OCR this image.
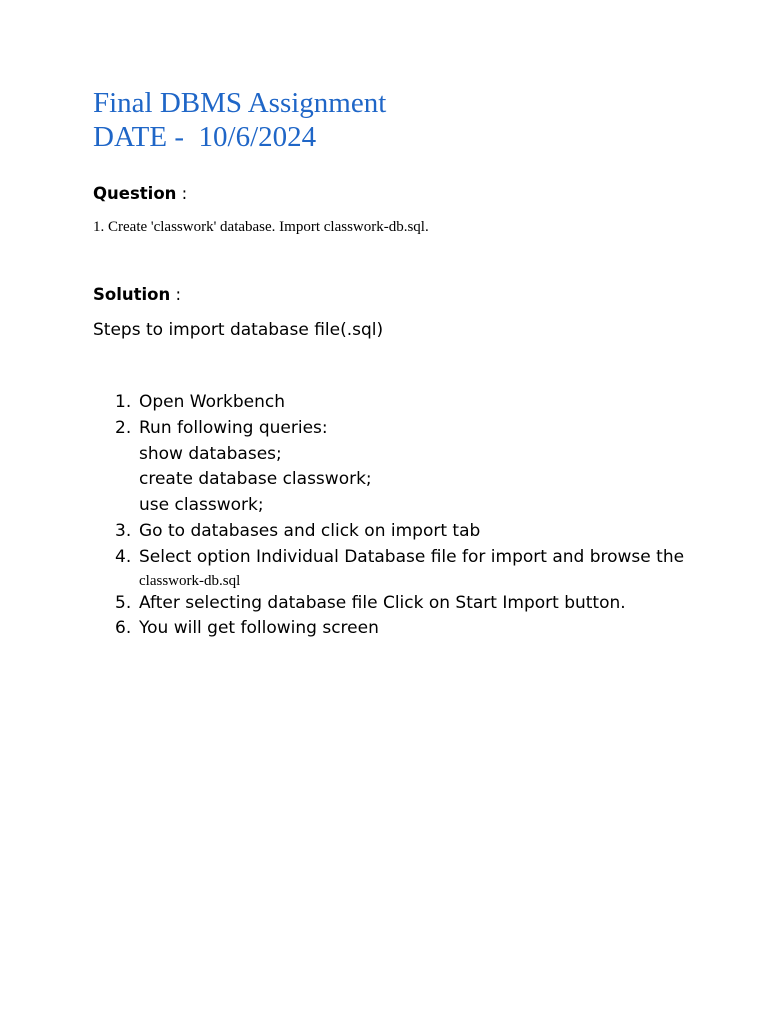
Final DBMS Assignment
DATE -  10/6/2024
Question :
1. Create 'classwork' database. Import classwork-db.sql.
Solution :
Steps to import database file(.sql)
1. Open Workbench
2. Run following queries:
show databases;
create database classwork;
use classwork;
3. Go to databases and click on import tab
4. Select option Individual Database file for import and browse the
classwork-db.sql
5. After selecting database file Click on Start Import button.
6. You will get following screen
